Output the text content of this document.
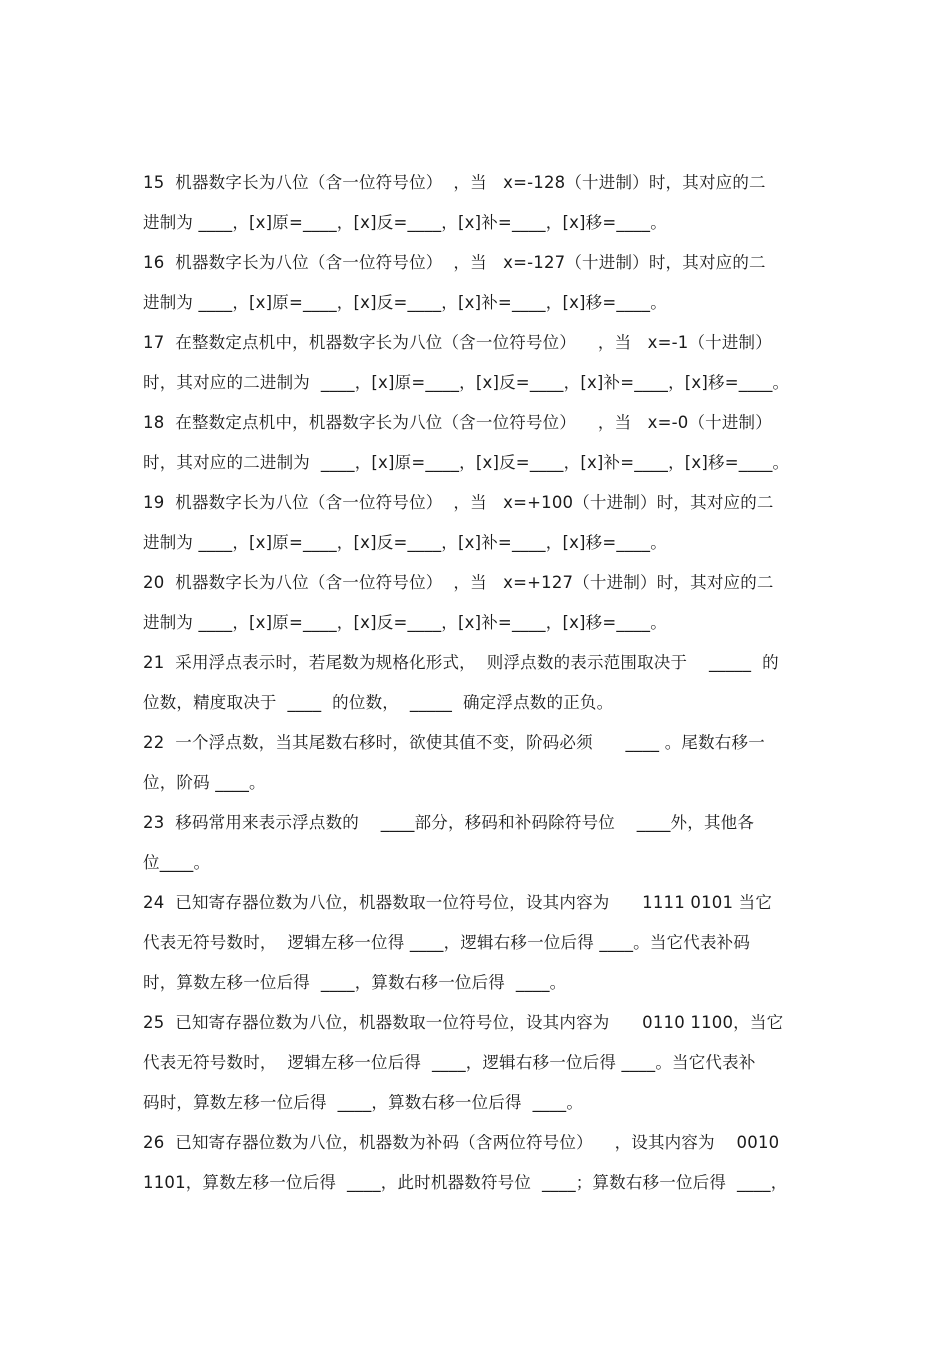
15  机器数字长为八位（含一位符号位）  ，当   x=-128（十进制）时，其对应的二
进制为 ____，[x]原=____，[x]反=____，[x]补=____，[x]移=____。
16  机器数字长为八位（含一位符号位）  ，当   x=-127（十进制）时，其对应的二
进制为 ____，[x]原=____，[x]反=____，[x]补=____，[x]移=____。
17  在整数定点机中，机器数字长为八位（含一位符号位）    ，当   x=-1（十进制）
时，其对应的二进制为  ____，[x]原=____，[x]反=____，[x]补=____，[x]移=____。
18  在整数定点机中，机器数字长为八位（含一位符号位）    ，当   x=-0（十进制）
时，其对应的二进制为  ____，[x]原=____，[x]反=____，[x]补=____，[x]移=____。
19  机器数字长为八位（含一位符号位）  ，当   x=+100（十进制）时，其对应的二
进制为 ____，[x]原=____，[x]反=____，[x]补=____，[x]移=____。
20  机器数字长为八位（含一位符号位）  ，当   x=+127（十进制）时，其对应的二
进制为 ____，[x]原=____，[x]反=____，[x]补=____，[x]移=____。
21  采用浮点表示时，若尾数为规格化形式，  则浮点数的表示范围取决于    _____  的
位数，精度取决于  ____  的位数，  _____  确定浮点数的正负。
22  一个浮点数，当其尾数右移时，欲使其值不变，阶码必须      ____ 。尾数右移一
位，阶码 ____。
23  移码常用来表示浮点数的    ____部分，移码和补码除符号位    ____外，其他各
位____。
24  已知寄存器位数为八位，机器数取一位符号位，设其内容为      1111 0101 当它
代表无符号数时，  逻辑左移一位得 ____，逻辑右移一位后得 ____。当它代表补码
时，算数左移一位后得  ____，算数右移一位后得  ____。
25  已知寄存器位数为八位，机器数取一位符号位，设其内容为      0110 1100，当它
代表无符号数时，  逻辑左移一位后得  ____，逻辑右移一位后得 ____。当它代表补
码时，算数左移一位后得  ____，算数右移一位后得  ____。
26  已知寄存器位数为八位，机器数为补码（含两位符号位）    ，设其内容为    0010
1101，算数左移一位后得  ____，此时机器数符号位  ____；算数右移一位后得  ____，
